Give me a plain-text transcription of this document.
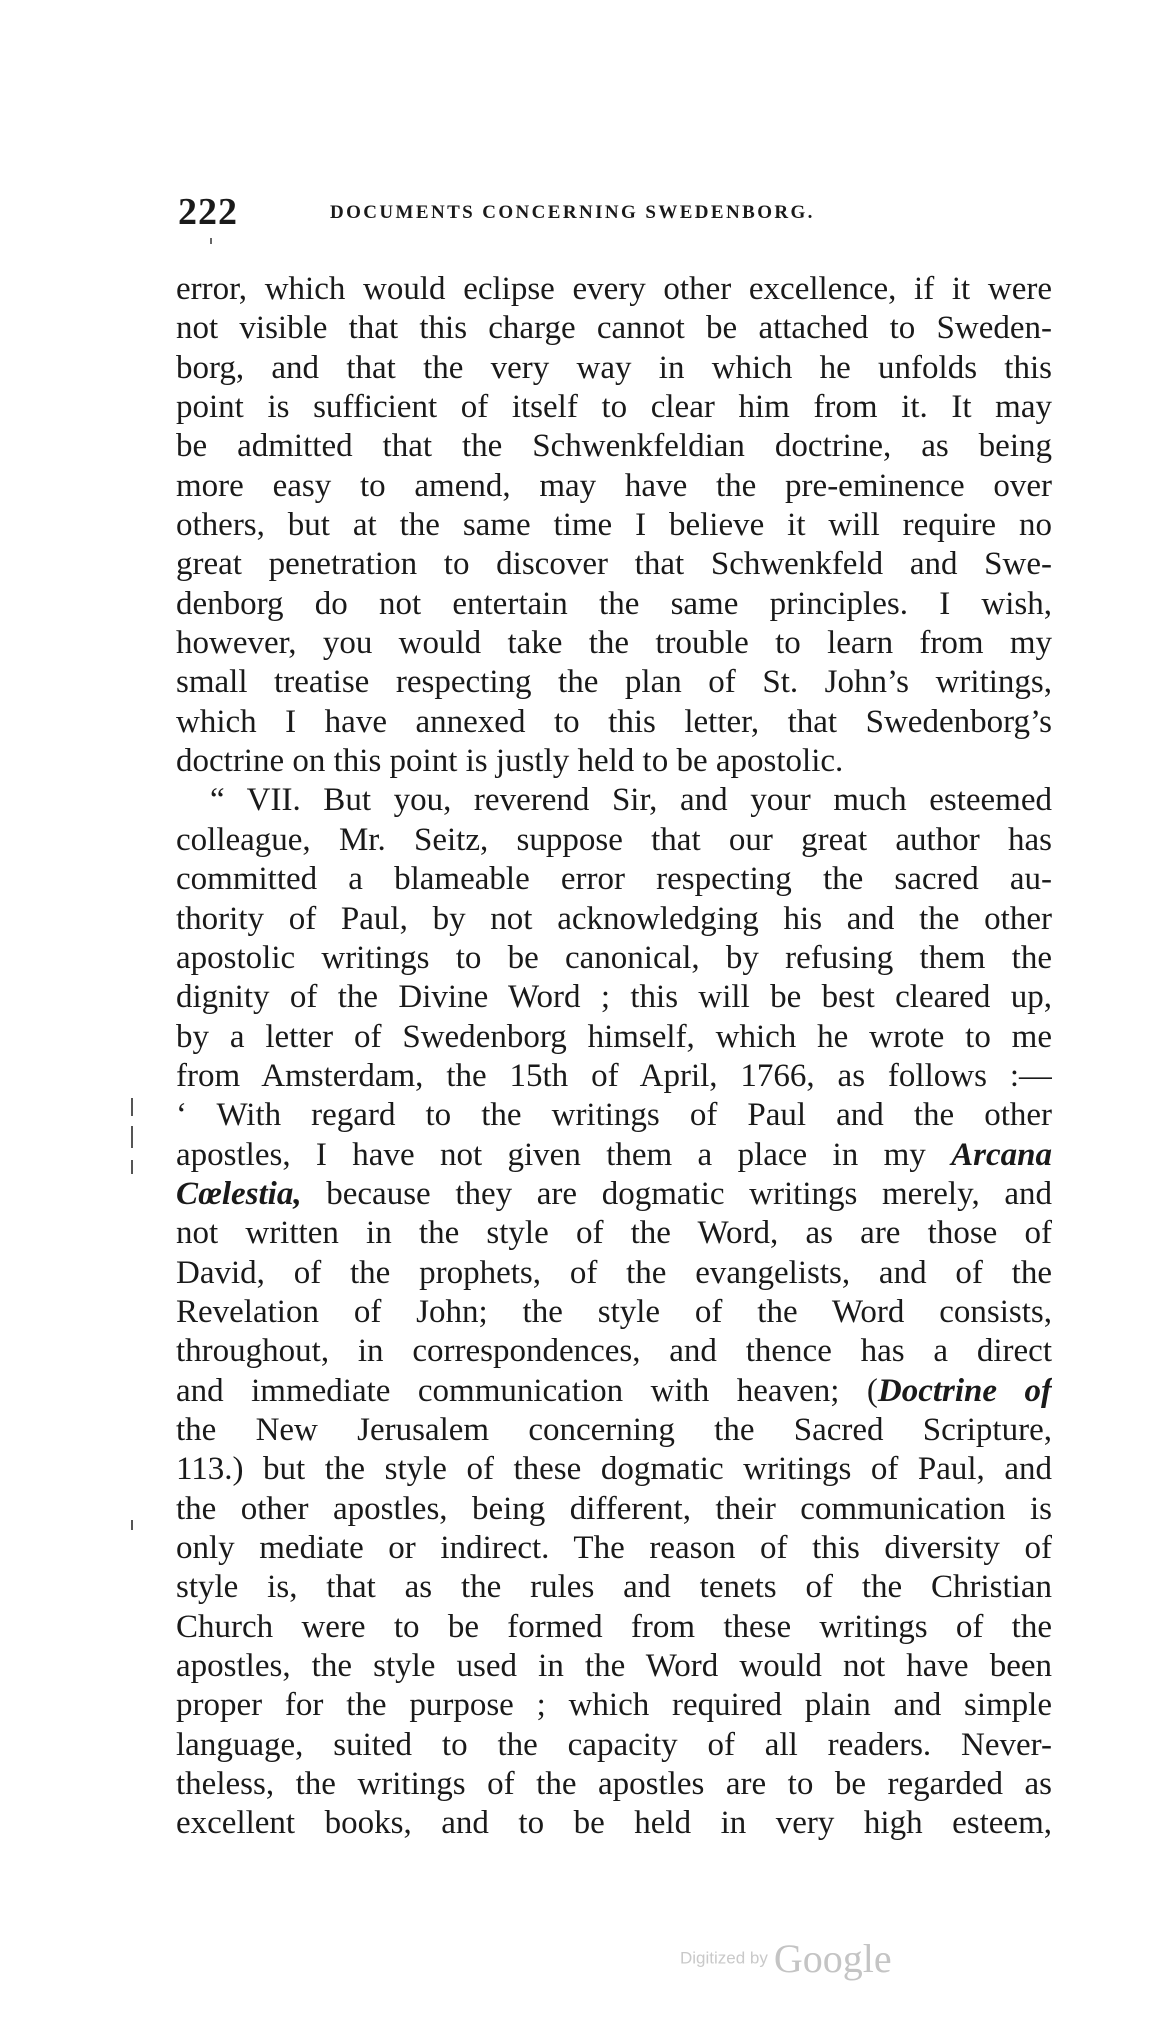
222	DOCUMENTS CONCERNING SWEDENBORG.
error, which would eclipse every other excellence, if it were
not visible that this charge cannot be attached to Sweden-
borg, and that the very way in which he unfolds this
point is sufficient of itself to clear him from it. It may
be admitted that the Schwenkfeldian doctrine, as being
more easy to amend, may have the pre-eminence over
others, but at the same time I believe it will require no
great penetration to discover that Schwenkfeld and Swe-
denborg do not entertain the same principles. I wish,
however, you would take the trouble to learn from my
small treatise respecting the plan of St. John’s writings,
which I have annexed to this letter, that Swedenborg’s
doctrine on this point is justly held to be apostolic.
“ VII. But you, reverend Sir, and your much esteemed
colleague, Mr. Seitz, suppose that our great author has
committed a blameable error respecting the sacred au-
thority of Paul, by not acknowledging his and the other
apostolic writings to be canonical, by refusing them the
dignity of the Divine Word ; this will be best cleared up,
by a letter of Swedenborg himself, which he wrote to me
from Amsterdam, the 15th of April, 1766, as follows :—
‘ With regard to the writings of Paul and the other
apostles, I have not given them a place in my Arcana
Cœlestia, because they are dogmatic writings merely, and
not written in the style of the Word, as are those of
David, of the prophets, of the evangelists, and of the
Revelation of John; the style of the Word consists,
throughout, in correspondences, and thence has a direct
and immediate communication with heaven; (Doctrine of
the New Jerusalem concerning the Sacred Scripture,
113.) but the style of these dogmatic writings of Paul, and
the other apostles, being different, their communication is
only mediate or indirect. The reason of this diversity of
style is, that as the rules and tenets of the Christian
Church were to be formed from these writings of the
apostles, the style used in the Word would not have been
proper for the purpose ; which required plain and simple
language, suited to the capacity of all readers. Never-
theless, the writings of the apostles are to be regarded as
excellent books, and to be held in very high esteem,
Digitized by Google
